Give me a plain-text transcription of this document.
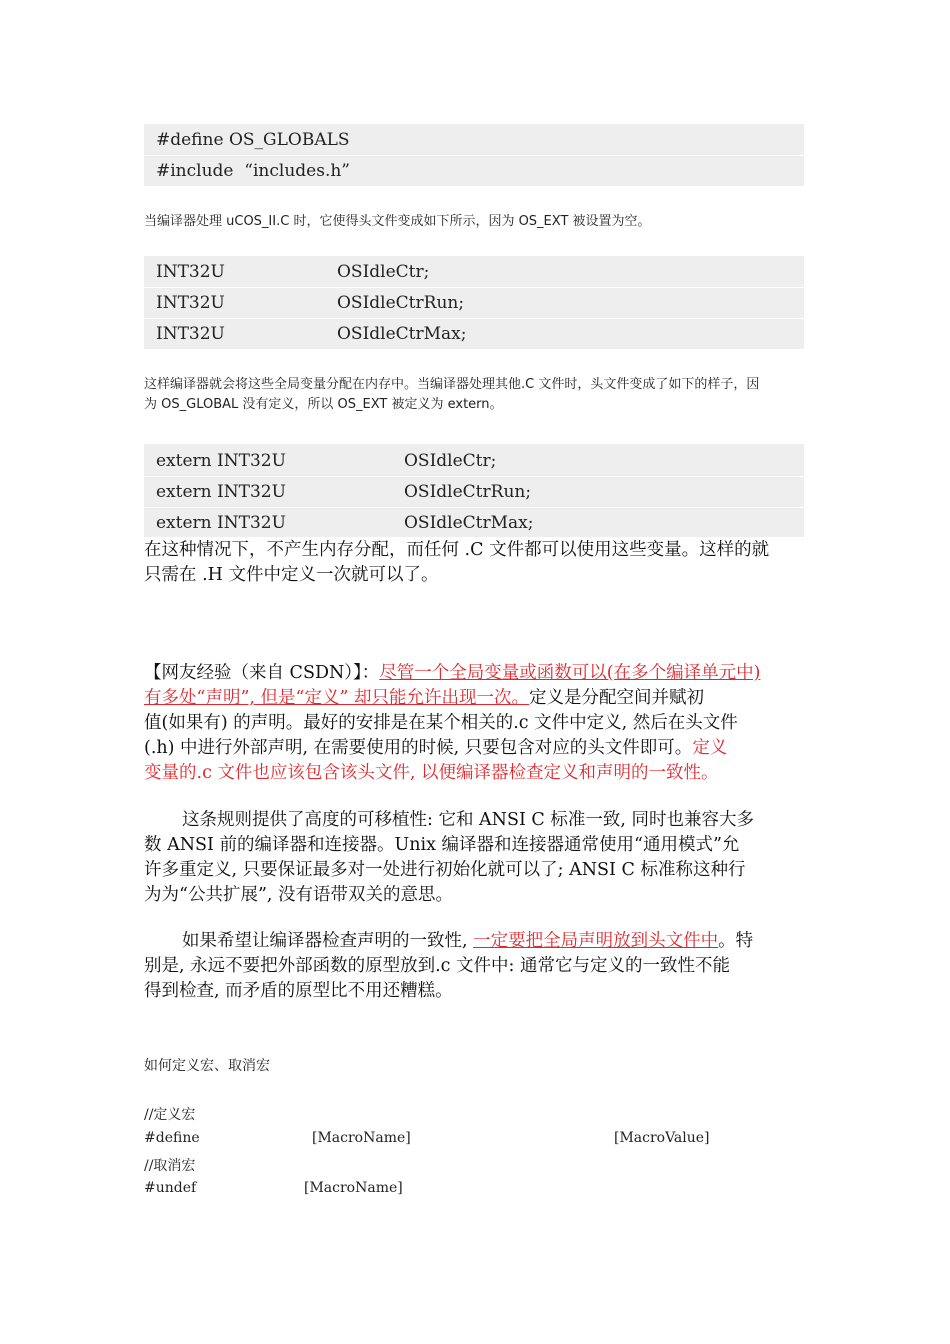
#define OS_GLOBALS
#include  “includes.h”
当编译器处理 uCOS_II.C 时，它使得头文件变成如下所示，因为 OS_EXT 被设置为空。
INT32U	OSIdleCtr;
INT32U	OSIdleCtrRun;
INT32U	OSIdleCtrMax;
这样编译器就会将这些全局变量分配在内存中。当编译器处理其他.C 文件时，头文件变成了如下的样子，因
为 OS_GLOBAL 没有定义，所以 OS_EXT 被定义为 extern。
extern INT32U	OSIdleCtr;
extern INT32U	OSIdleCtrRun;
extern INT32U	OSIdleCtrMax;
在这种情况下，不产生内存分配，而任何 .C 文件都可以使用这些变量。这样的就
只需在 .H 文件中定义一次就可以了。
【网友经验（来自 CSDN）】：尽管一个全局变量或函数可以(在多个编译单元中)
有多处“声明”, 但是“定义” 却只能允许出现一次。定义是分配空间并赋初
值(如果有) 的声明。最好的安排是在某个相关的.c 文件中定义, 然后在头文件
(.h) 中进行外部声明, 在需要使用的时候, 只要包含对应的头文件即可。定义
变量的.c 文件也应该包含该头文件, 以便编译器检查定义和声明的一致性。
这条规则提供了高度的可移植性: 它和 ANSI C 标准一致, 同时也兼容大多
数 ANSI 前的编译器和连接器。Unix 编译器和连接器通常使用“通用模式”允
许多重定义, 只要保证最多对一处进行初始化就可以了; ANSI C 标准称这种行
为为“公共扩展”, 没有语带双关的意思。
如果希望让编译器检查声明的一致性, 一定要把全局声明放到头文件中。特
别是, 永远不要把外部函数的原型放到.c 文件中: 通常它与定义的一致性不能
得到检查, 而矛盾的原型比不用还糟糕。
如何定义宏、取消宏
//定义宏
#define	[MacroName]	[MacroValue]
//取消宏
#undef	[MacroName]
